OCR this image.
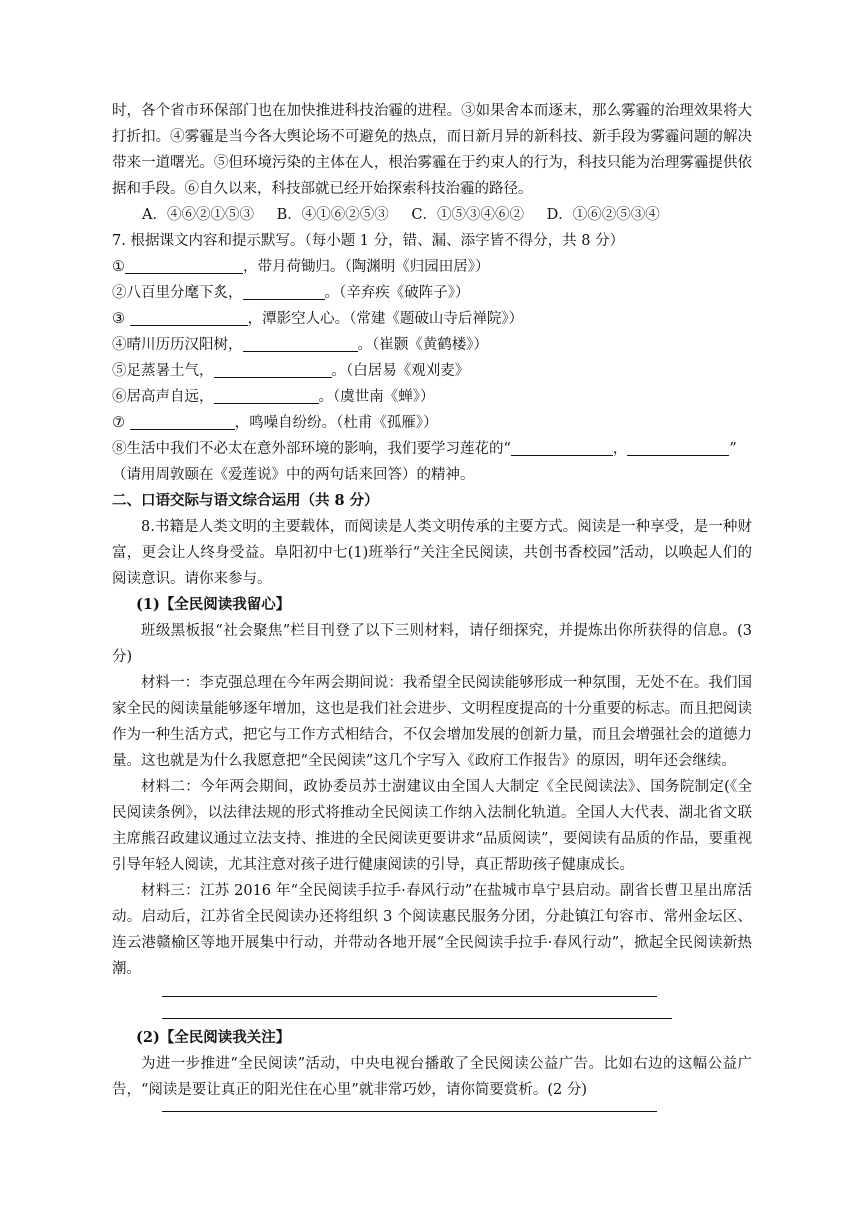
时，各个省市环保部门也在加快推进科技治霾的进程。③如果舍本而逐末，那么雾霾的治理效果将大打折扣。④雾霾是当今各大舆论场不可避免的热点，而日新月异的新科技、新手段为雾霾问题的解决带来一道曙光。⑤但环境污染的主体在人，根治雾霾在于约束人的行为，科技只能为治理雾霾提供依据和手段。⑥自久以来，科技部就已经开始探索科技治霾的路径。

A．④⑥②①⑤③ B．④①⑥②⑤③ C．①⑤③④⑥② D．①⑥②⑤③④
7. 根据课文内容和提示默写。（每小题 1 分，错、漏、添字皆不得分，共 8 分）
①	，带月荷锄归。（陶渊明《归园田居》）
②八百里分麾下炙，	。（辛弃疾《破阵子》）
③	，潭影空人心。（常建《题破山寺后禅院》）
④晴川历历汉阳树，	。（崔颢《黄鹤楼》）
⑤足蒸暑土气，	。（白居易《观刈麦》
⑥居高声自远，	。（虞世南《蝉》）
⑦	，鸣噪自纷纷。（杜甫《孤雁》）
⑧生活中我们不必太在意外部环境的影响，我们要学习莲花的“	，	”
（请用周敦颐在《爱莲说》中的两句话来回答）的精神。
二、口语交际与语文综合运用（共 8 分）

8.书籍是人类文明的主要载体，而阅读是人类文明传承的主要方式。阅读是一种享受，是一种财富，更会让人终身受益。阜阳初中七(1)班举行“关注全民阅读，共创书香校园”活动，以唤起人们的阅读意识。请你来参与。

(1)【全民阅读我留心】

班级黑板报“社会聚焦”栏目刊登了以下三则材料，请仔细探究，并提炼出你所获得的信息。(3 分)

材料一：李克强总理在今年两会期间说：我希望全民阅读能够形成一种氛围，无处不在。我们国家全民的阅读量能够逐年增加，这也是我们社会进步、文明程度提高的十分重要的标志。而且把阅读作为一种生活方式，把它与工作方式相结合，不仅会增加发展的创新力量，而且会增强社会的道德力量。这也就是为什么我愿意把“全民阅读”这几个字写入《政府工作报告》的原因，明年还会继续。

材料二：今年两会期间，政协委员苏士澍建议由全国人大制定《全民阅读法》、国务院制定(《全民阅读条例》，以法律法规的形式将推动全民阅读工作纳入法制化轨道。全国人大代表、湖北省文联主席熊召政建议通过立法支持、推进的全民阅读更要讲求“品质阅读”，要阅读有品质的作品，要重视引导年轻人阅读，尤其注意对孩子进行健康阅读的引导，真正帮助孩子健康成长。

材料三：江苏 2016 年“全民阅读手拉手·春风行动”在盐城市阜宁县启动。副省长曹卫星出席活动。启动后，江苏省全民阅读办还将组织 3 个阅读惠民服务分团，分赴镇江句容市、常州金坛区、连云港赣榆区等地开展集中行动，并带动各地开展“全民阅读手拉手·春风行动”，掀起全民阅读新热潮。

(2)【全民阅读我关注】

为进一步推进“全民阅读”活动，中央电视台播敢了全民阅读公益广告。比如右边的这幅公益广告，“阅读是要让真正的阳光住在心里”就非常巧妙，请你简要赏析。(2 分)
